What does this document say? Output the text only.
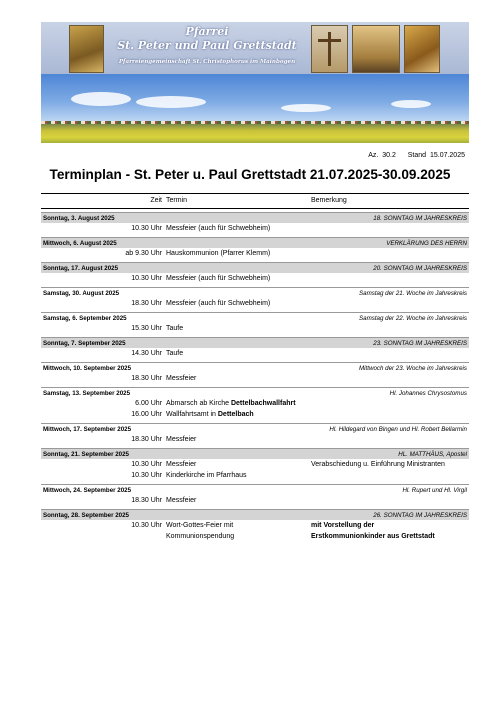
Pfarrei
St. Peter und Paul Grettstadt
Pfarreiengemeinschaft St. Christophorus im Mainbogen
Az. 30.2 Stand 15.07.2025
Terminplan - St. Peter u. Paul Grettstadt 21.07.2025-30.09.2025
Zeit Termin	Bemerkung
Sonntag, 3. August 2025	18. SONNTAG IM JAHRESKREIS
10.30 Uhr Messfeier (auch für Schwebheim)
Mittwoch, 6. August 2025	VERKLÄRUNG DES HERRN
ab 9.30 Uhr Hauskommunion (Pfarrer Klemm)
Sonntag, 17. August 2025	20. SONNTAG IM JAHRESKREIS
10.30 Uhr Messfeier (auch für Schwebheim)
Samstag, 30. August 2025	Samstag der 21. Woche im Jahreskreis
18.30 Uhr Messfeier (auch für Schwebheim)
Samstag, 6. September 2025	Samstag der 22. Woche im Jahreskreis
15.30 Uhr Taufe
Sonntag, 7. September 2025	23. SONNTAG IM JAHRESKREIS
14.30 Uhr Taufe
Mittwoch, 10. September 2025	Mittwoch der 23. Woche im Jahreskreis
18.30 Uhr Messfeier
Samstag, 13. September 2025	Hl. Johannes Chrysostomus
6.00 Uhr Abmarsch ab Kirche Dettelbachwallfahrt
16.00 Uhr Wallfahrtsamt in Dettelbach
Mittwoch, 17. September 2025	Hl. Hildegard von Bingen und Hl. Robert Bellarmin
18.30 Uhr Messfeier
Sonntag, 21. September 2025	HL. MATTHÄUS, Apostel
10.30 Uhr Messfeier	Verabschiedung u. Einführung Ministranten
10.30 Uhr Kinderkirche im Pfarrhaus
Mittwoch, 24. September 2025	Hl. Rupert und Hl. Virgil
18.30 Uhr Messfeier
Sonntag, 28. September 2025	26. SONNTAG IM JAHRESKREIS
10.30 Uhr Wort-Gottes-Feier mit	mit Vorstellung der
Kommunionspendung	Erstkommunionkinder aus Grettstadt
